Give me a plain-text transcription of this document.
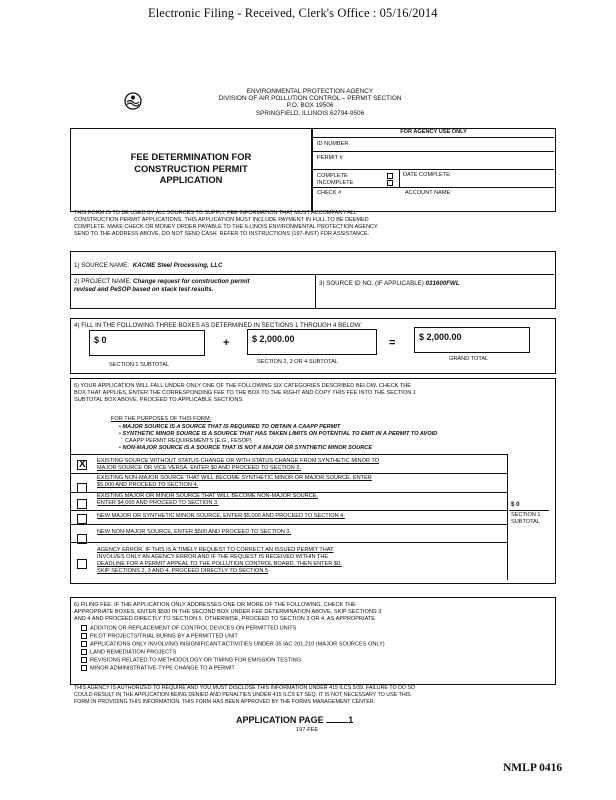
Electronic Filing - Received, Clerk's Office : 05/16/2014
ENVIRONMENTAL PROTECTION AGENCY
DIVISION OF AIR POLLUTION CONTROL – PERMIT SECTION
P.O. BOX 19506
SPRINGFIELD, ILLINOIS 62794-9506
FEE DETERMINATION FOR
CONSTRUCTION PERMIT
APPLICATION
FOR AGENCY USE ONLY
ID NUMBER
PERMIT #
COMPLETE
INCOMPLETE
DATE COMPLETE:
CHECK #	ACCOUNT NAME:
THIS FORM IS TO BE USED BY ALL SOURCES TO SUPPLY FEE INFORMATION THAT MUST ACCOMPANY ALL
CONSTRUCTION PERMIT APPLICATIONS. THIS APPLICATION MUST INCLUDE PAYMENT IN FULL TO BE DEEMED
COMPLETE. MAKE CHECK OR MONEY ORDER PAYABLE TO THE ILLINOIS ENVIRONMENTAL PROTECTION AGENCY.
SEND TO THE ADDRESS ABOVE. DO NOT SEND CASH. REFER TO INSTRUCTIONS (197-INST) FOR ASSISTANCE.
1) SOURCE NAME: KACME Steel Processing, LLC
2) PROJECT NAME: Change request for construction permit
revised and PeSOP based on stack test results.
3) SOURCE ID NO. (IF APPLICABLE) 031600FWL
4) FILL IN THE FOLLOWING THREE BOXES AS DETERMINED IN SECTIONS 1 THROUGH 4 BELOW:
$ 0	+	$ 2,000.00	=	$ 2,000.00
SECTION 1 SUBTOTAL	SECTION 2, 3 OR 4 SUBTOTAL	GRAND TOTAL
5) YOUR APPLICATION WILL FALL UNDER ONLY ONE OF THE FOLLOWING SIX CATEGORIES DESCRIBED BELOW. CHECK THE
BOX THAT APPLIES, ENTER THE CORRESPONDING FEE TO THE BOX TO THE RIGHT AND COPY THIS FEE INTO THE SECTION 1
SUBTOTAL BOX ABOVE. PROCEED TO APPLICABLE SECTIONS.
FOR THE PURPOSES OF THIS FORM:
• MAJOR SOURCE IS A SOURCE THAT IS REQUIRED TO OBTAIN A CAAPP PERMIT
• SYNTHETIC MINOR SOURCE IS A SOURCE THAT HAS TAKEN LIMITS ON POTENTIAL TO EMIT IN A PERMIT TO AVOID
CAAPP PERMIT REQUIREMENTS (E.G., FESOP)
• NON-MAJOR SOURCE IS A SOURCE THAT IS NOT A MAJOR OR SYNTHETIC MINOR SOURCE
X EXISTING SOURCE WITHOUT STATUS CHANGE OR WITH STATUS CHANGE FROM SYNTHETIC MINOR TO
MAJOR SOURCE OR VICE VERSA. ENTER $0 AND PROCEED TO SECTION 2.
EXISTING NON-MAJOR SOURCE THAT WILL BECOME SYNTHETIC MINOR OR MAJOR SOURCE. ENTER
$5,000 AND PROCEED TO SECTION 4.
EXISTING MAJOR OR MINOR SOURCE THAT WILL BECOME NON-MAJOR SOURCE.
ENTER $4,000 AND PROCEED TO SECTION 3.
NEW MAJOR OR SYNTHETIC MINOR SOURCE, ENTER $5,000 AND PROCEED TO SECTION 4.
NEW NON-MAJOR SOURCE, ENTER $500 AND PROCEED TO SECTION 3.
AGENCY ERROR. IF THIS IS A TIMELY REQUEST TO CORRECT AN ISSUED PERMIT THAT
INVOLVES ONLY AN AGENCY ERROR AND IF THE REQUEST IS RECEIVED WITHIN THE
DEADLINE FOR A PERMIT APPEAL TO THE POLLUTION CONTROL BOARD, THEN ENTER $0.
SKIP SECTIONS 2, 3 AND 4, PROCEED DIRECTLY TO SECTION 5
$ 0
SECTION 1
SUBTOTAL
6) FILING FEE. IF THE APPLICATION ONLY ADDRESSES ONE OR MORE OF THE FOLLOWING, CHECK THE
APPROPRIATE BOXES, ENTER $500 IN THE SECOND BOX UNDER FEE DETERMINATION ABOVE, SKIP SECTIONS 3
AND 4 AND PROCEED DIRECTLY TO SECTION 5. OTHERWISE, PROCEED TO SECTION 3 OR 4, AS APPROPRIATE.
ADDITION OR REPLACEMENT OF CONTROL DEVICES ON PERMITTED UNITS
PILOT PROJECTS/TRIAL BURNS BY A PERMITTED UNIT
APPLICATIONS ONLY INVOLVING INSIGNIFICANT ACTIVITIES UNDER 35 IAC 201.210 (MAJOR SOURCES ONLY)
LAND REMEDIATION PROJECTS
REVISIONS RELATED TO METHODOLOGY OR TIMING FOR EMISSION TESTING
MINOR ADMINISTRATIVE-TYPE CHANGE TO A PERMIT
THIS AGENCY IS AUTHORIZED TO REQUIRE AND YOU MUST DISCLOSE THIS INFORMATION UNDER 415 ILCS 5/39. FAILURE TO DO SO
COULD RESULT IN THE APPLICATION BEING DENIED AND PENALTIES UNDER 415 ILCS ET SEQ. IT IS NOT NECESSARY TO USE THIS
FORM IN PROVIDING THIS INFORMATION. THIS FORM HAS BEEN APPROVED BY THE FORMS MANAGEMENT CENTER.
APPLICATION PAGE	1
197-FEE
NMLP 0416
